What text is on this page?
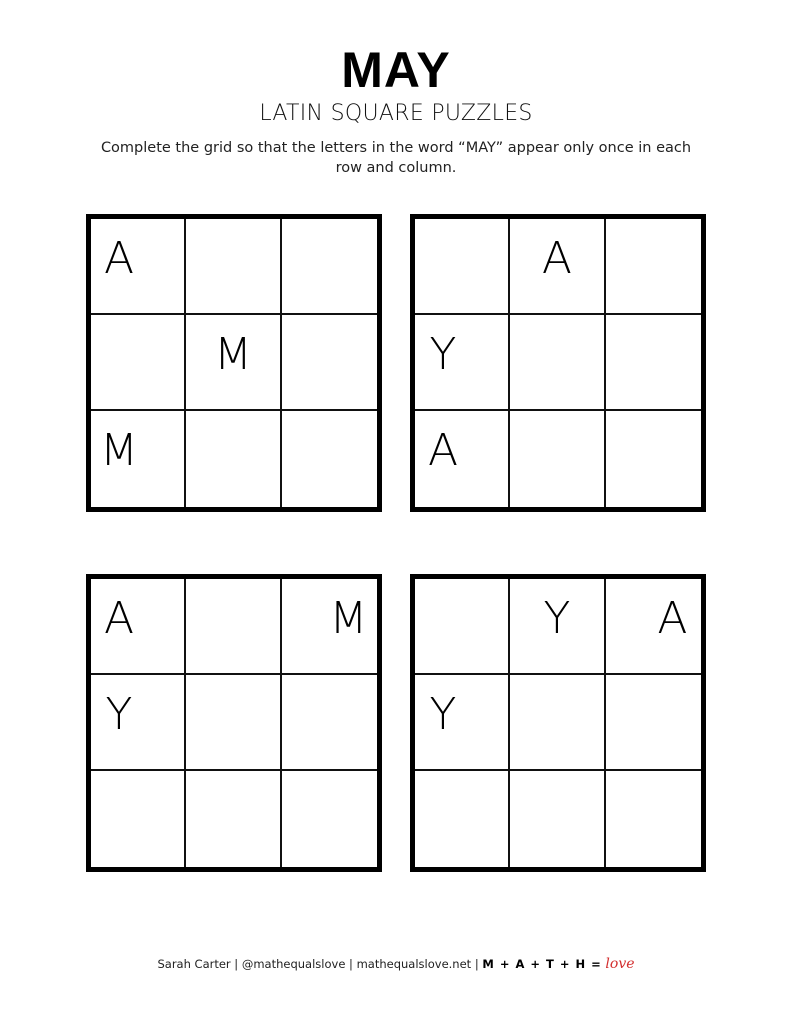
MAY
LATIN SQUARE PUZZLES
Complete the grid so that the letters in the word “MAY” appear only once in each row and column.
A
M
M
A
Y
A
A	M
Y
Y	A
Y
Sarah Carter | @mathequalslove | mathequalslove.net | M + A + T + H = love
